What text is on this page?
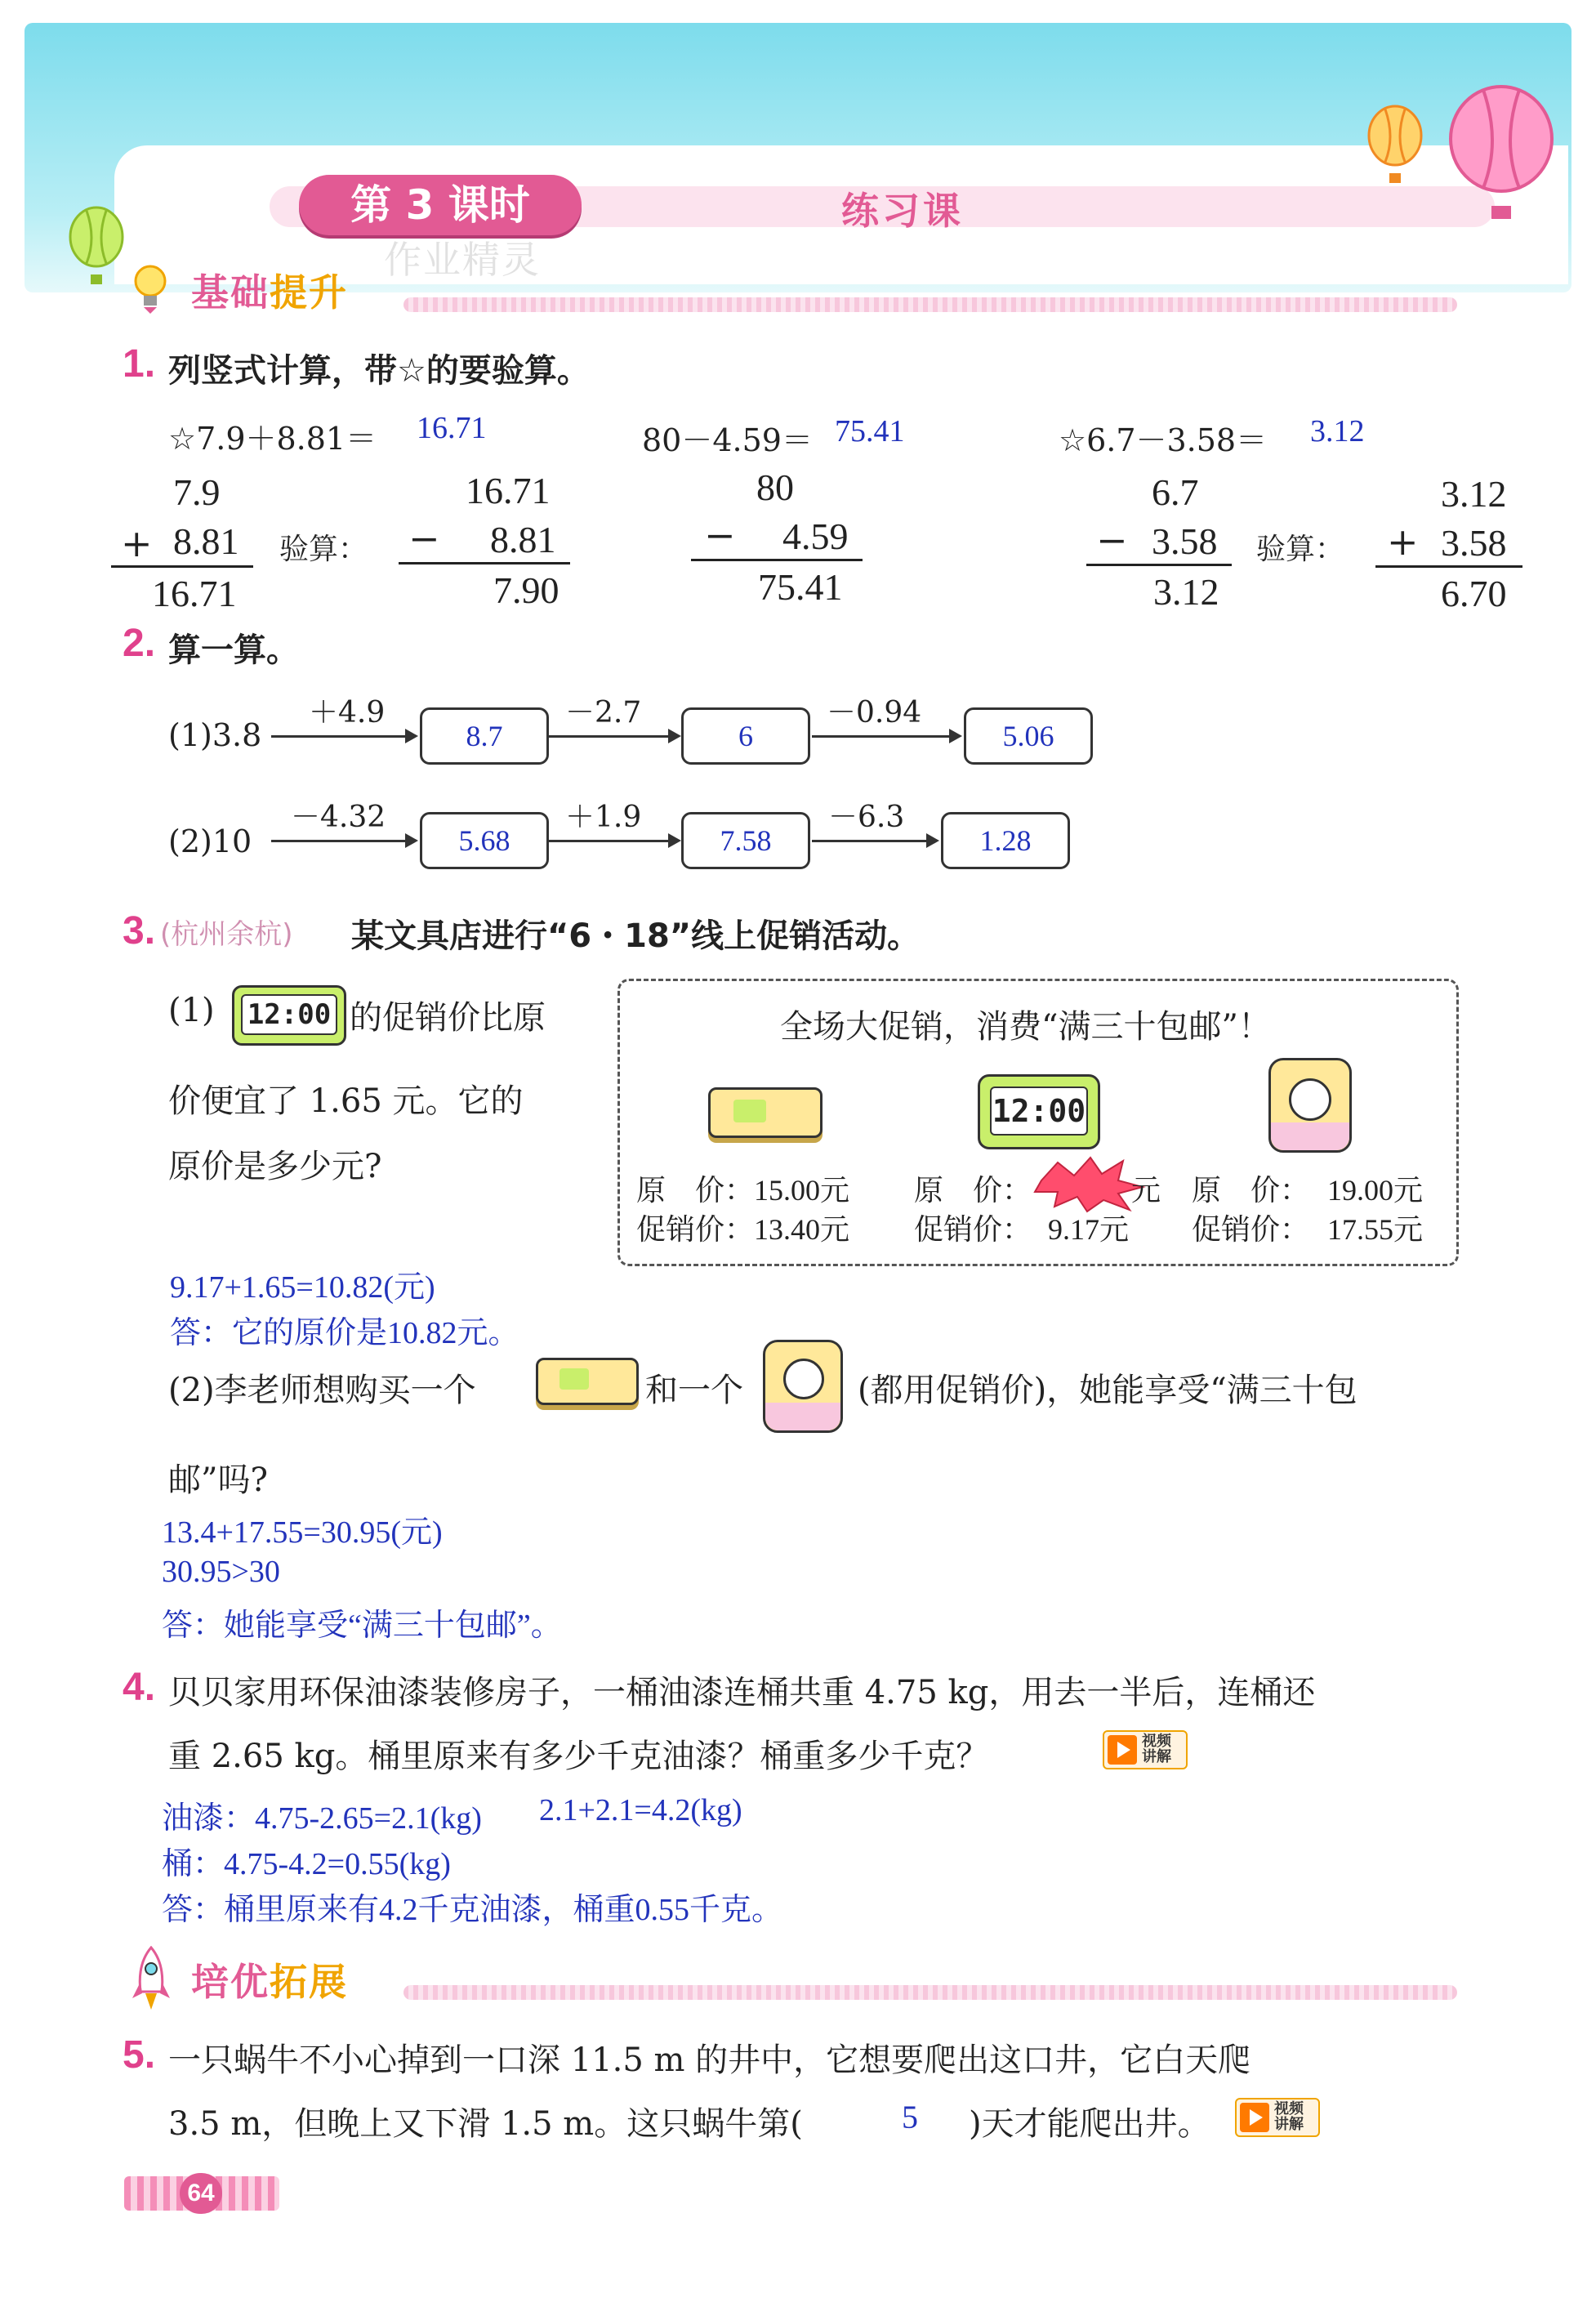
第 3 课时	练习课
作业精灵
基础提升
1. 列竖式计算，带☆的要验算。
☆7.9＋8.81＝ 16.71	80－4.59＝ 75.41	☆6.7－3.58＝ 3.12
7.9
+ 8.81
16.71
验算：
16.71
− 8.81
7.90
80
− 4.59
75.41
6.7
− 3.58
3.12
验算：
3.12
+ 3.58
6.70
2. 算一算。
(1)3.8
＋4.9
8.7
－2.7
6
－0.94
5.06
(2)10
－4.32
5.68
＋1.9
7.58
－6.3
1.28
3. (杭州余杭) 某文具店进行“6・18”线上促销活动。
(1) 12:00 的促销价比原
价便宜了 1.65 元。它的
原价是多少元?
全场大促销，消费“满三十包邮”！
12:00
原　价： 15.00元
促销价： 13.40元
原　价：	元
促销价： 9.17元
原　价： 19.00元
促销价： 17.55元
9.17+1.65=10.82(元)
答：它的原价是10.82元。
(2)李老师想购买一个	和一个	(都用促销价)，她能享受“满三十包
邮”吗?
13.4+17.55=30.95(元)
30.95>30
答：她能享受“满三十包邮”。
4. 贝贝家用环保油漆装修房子，一桶油漆连桶共重 4.75 kg，用去一半后，连桶还
重 2.65 kg。桶里原来有多少千克油漆？桶重多少千克？	视频
讲解
油漆：4.75-2.65=2.1(kg) 2.1+2.1=4.2(kg)
桶：4.75-4.2=0.55(kg)
答：桶里原来有4.2千克油漆，桶重0.55千克。
培优拓展
5. 一只蜗牛不小心掉到一口深 11.5 m 的井中，它想要爬出这口井，它白天爬
3.5 m，但晚上又下滑 1.5 m。这只蜗牛第(	5 )天才能爬出井。	视频
讲解
64
